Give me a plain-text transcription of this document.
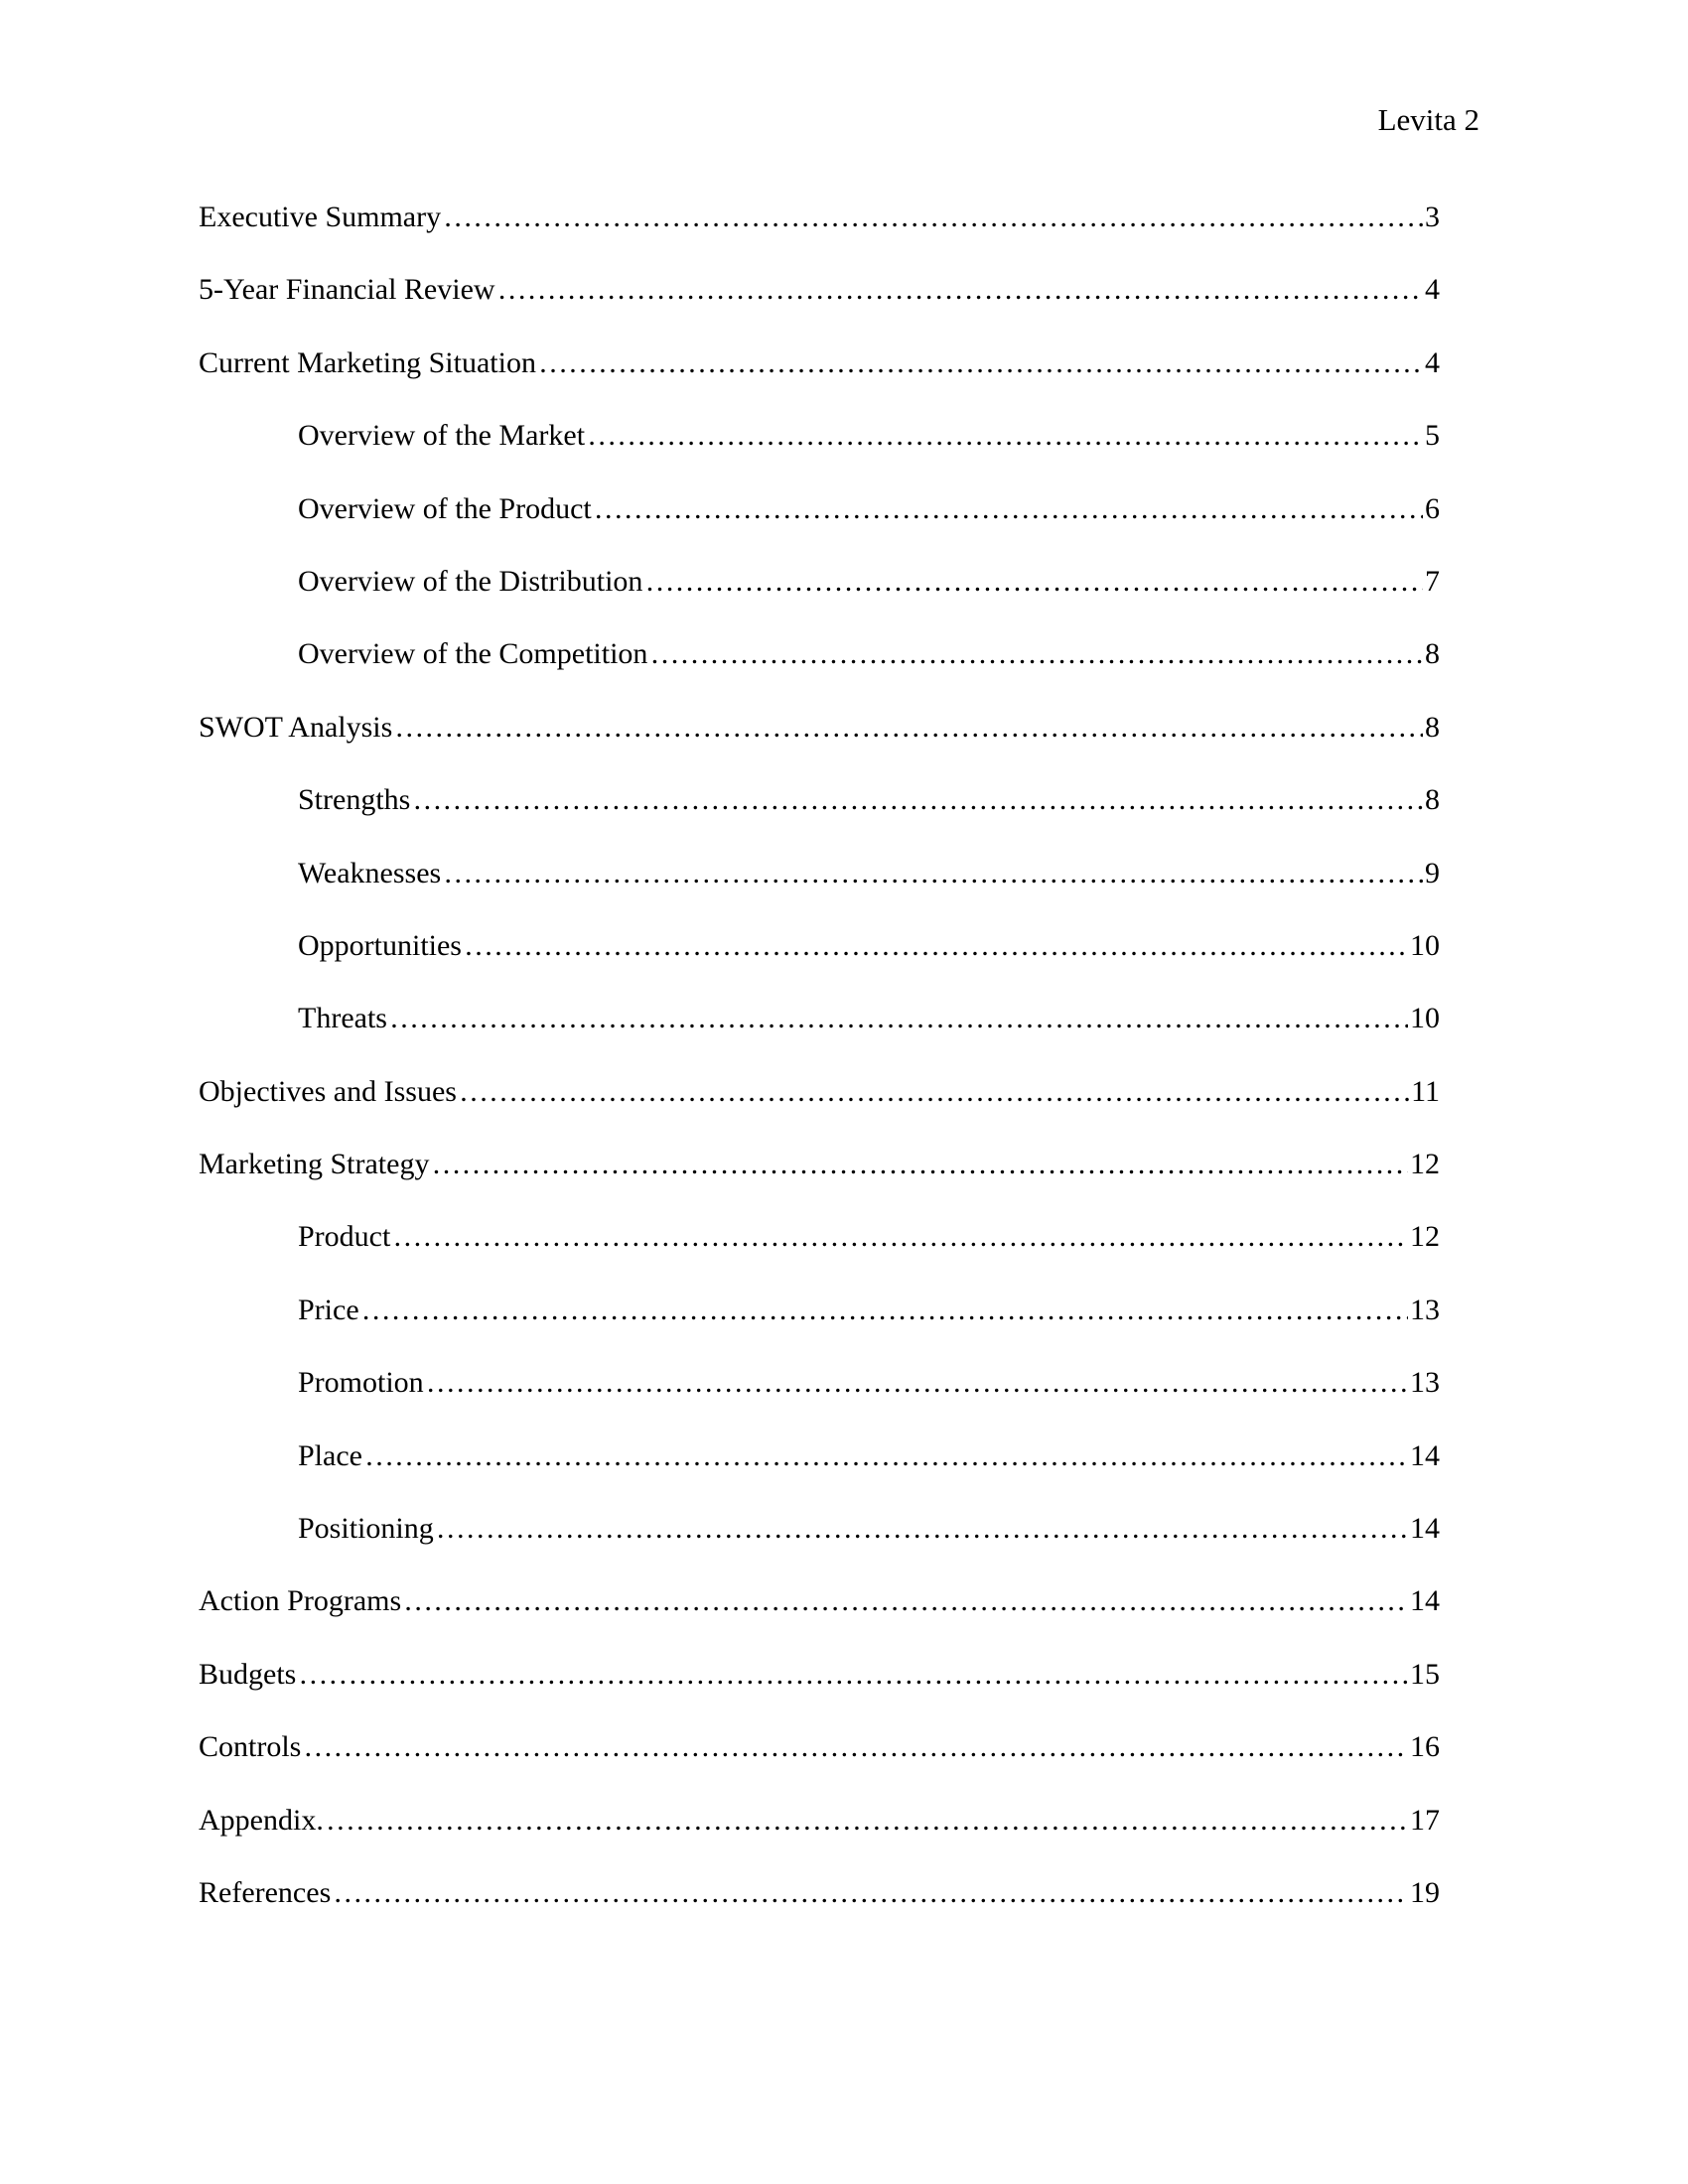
Levita 2
Executive Summary ………………………………………………………………………………………………………………………………………………………………………………………………	3
5-Year Financial Review ………………………………………………………………………………………………………………………………………………………………………………………………	4
Current Marketing Situation ………………………………………………………………………………………………………………………………………………………………………………………………	4
Overview of the Market ………………………………………………………………………………………………………………………………………………………………………………………………	5
Overview of the Product ………………………………………………………………………………………………………………………………………………………………………………………………	6
Overview of the Distribution ………………………………………………………………………………………………………………………………………………………………………………………………	7
Overview of the Competition ………………………………………………………………………………………………………………………………………………………………………………………………	8
SWOT Analysis ………………………………………………………………………………………………………………………………………………………………………………………………	8
Strengths ………………………………………………………………………………………………………………………………………………………………………………………………	8
Weaknesses ………………………………………………………………………………………………………………………………………………………………………………………………	9
Opportunities ………………………………………………………………………………………………………………………………………………………………………………………………	10
Threats ………………………………………………………………………………………………………………………………………………………………………………………………	10
Objectives and Issues ………………………………………………………………………………………………………………………………………………………………………………………………	11
Marketing Strategy ………………………………………………………………………………………………………………………………………………………………………………………………	12
Product ………………………………………………………………………………………………………………………………………………………………………………………………	12
Price ………………………………………………………………………………………………………………………………………………………………………………………………	13
Promotion ………………………………………………………………………………………………………………………………………………………………………………………………	13
Place ………………………………………………………………………………………………………………………………………………………………………………………………	14
Positioning ………………………………………………………………………………………………………………………………………………………………………………………………	14
Action Programs ………………………………………………………………………………………………………………………………………………………………………………………………	14
Budgets ………………………………………………………………………………………………………………………………………………………………………………………………	15
Controls ………………………………………………………………………………………………………………………………………………………………………………………………	16
Appendix. ………………………………………………………………………………………………………………………………………………………………………………………………	17
References ………………………………………………………………………………………………………………………………………………………………………………………………	19
